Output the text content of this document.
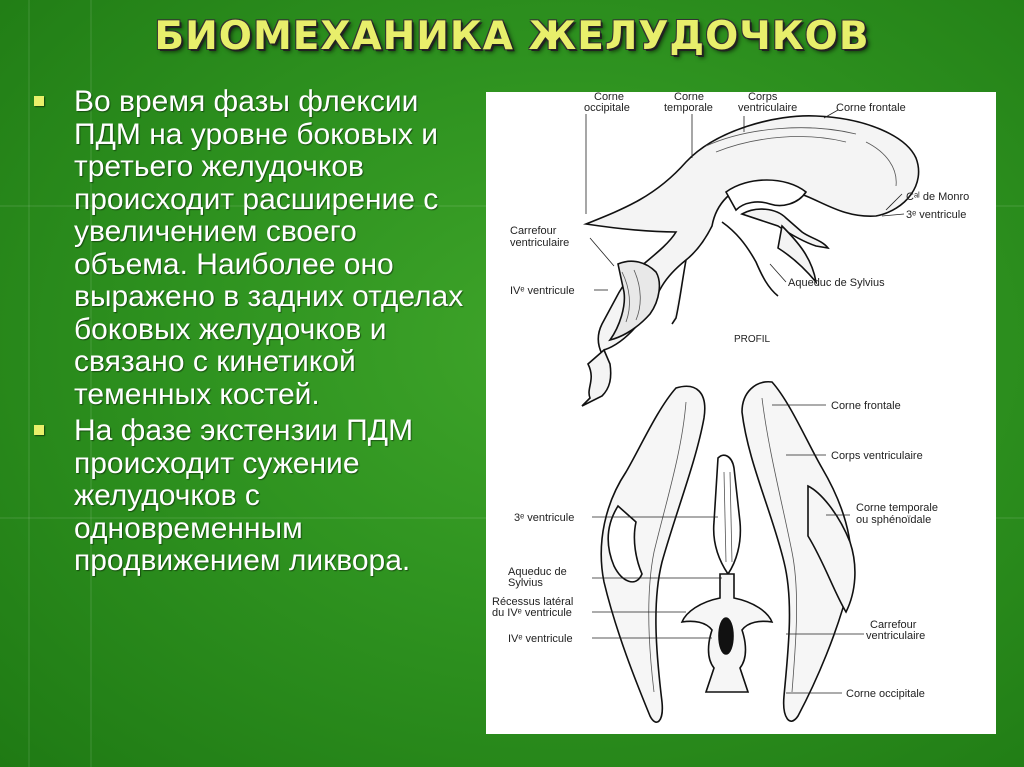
БИОМЕХАНИКА ЖЕЛУДОЧКОВ
Во время фазы флексии ПДМ на уровне боковых и третьего желудочков происходит расширение с увеличением своего объема. Наиболее оно выражено в задних отделах боковых желудочков и связано с кинетикой теменных костей.
На фазе экстензии ПДМ происходит сужение желудочков с одновременным продвижением ликвора.
Corne occipitale
Corne temporale
Corps ventriculaire	Corne frontale
Cᵃˡ de Monro
3ᵉ ventricule
Carrefour ventriculaire
IVᵉ ventricule
Aqueduc de Sylvius
PROFIL
Corne frontale
Corps ventriculaire
Corne temporale ou sphénoïdale
3ᵉ ventricule
Aqueduc de Sylvius
Récessus latéral du IVᵉ ventricule
IVᵉ ventricule
Carrefour ventriculaire
Corne occipitale
